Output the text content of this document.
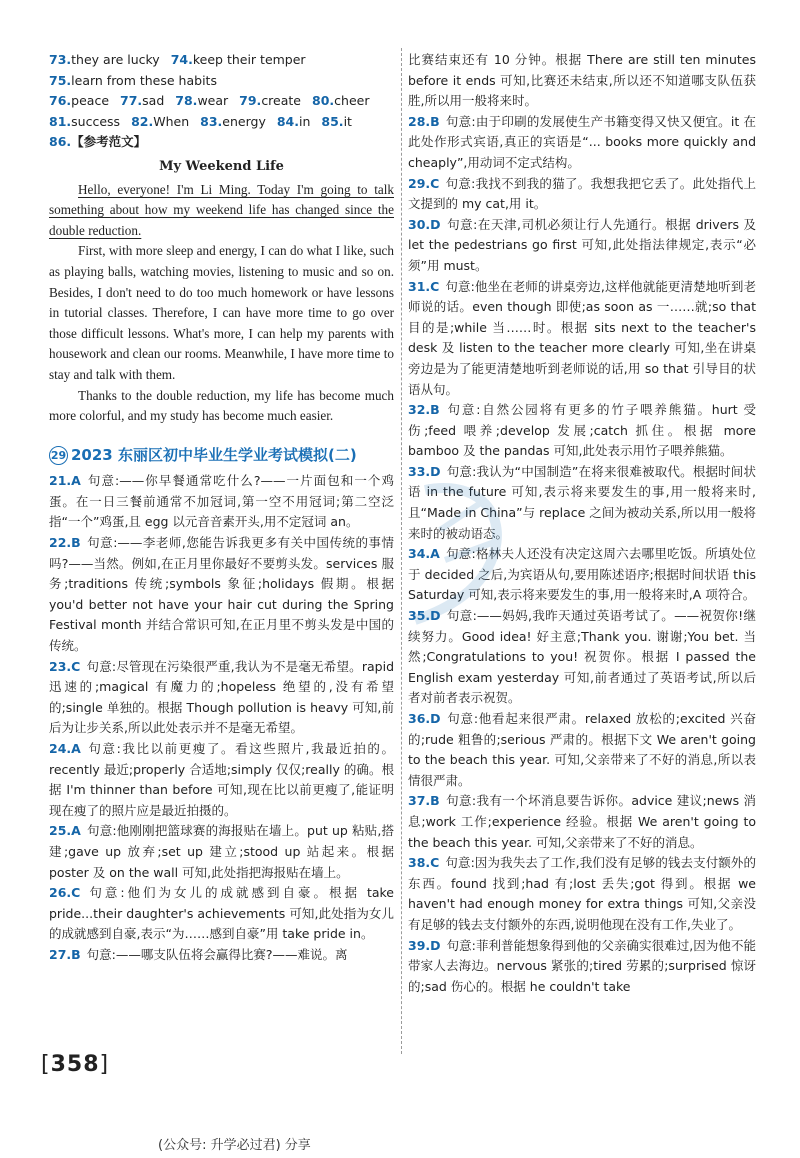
73.they are lucky 74.keep their temper
75.learn from these habits
76.peace 77.sad 78.wear 79.create 80.cheer
81.success 82.When 83.energy 84.in 85.it
86.【参考范文】
My Weekend Life

Hello, everyone! I'm Li Ming. Today I'm going to talk something about how my weekend life has changed since the double reduction.

First, with more sleep and energy, I can do what I like, such as playing balls, watching movies, listening to music and so on. Besides, I don't need to do too much homework or have lessons in tutorial classes. Therefore, I can have more time to go over those difficult lessons. What's more, I can help my parents with housework and clean our rooms. Meanwhile, I have more time to stay and talk with them.

Thanks to the double reduction, my life has become much more colorful, and my study has become much easier.

29 2023 东丽区初中毕业生学业考试模拟(二)

21.A 句意:——你早餐通常吃什么?——一片面包和一个鸡蛋。在一日三餐前通常不加冠词,第一空不用冠词;第二空泛指“一个”鸡蛋,且 egg 以元音音素开头,用不定冠词 an。

22.B 句意:——李老师,您能告诉我更多有关中国传统的事情吗?——当然。例如,在正月里你最好不要剪头发。services 服务;traditions 传统;symbols 象征;holidays 假期。根据 you'd better not have your hair cut during the Spring Festival month 并结合常识可知,在正月里不剪头发是中国的传统。

23.C 句意:尽管现在污染很严重,我认为不是毫无希望。rapid 迅速的;magical 有魔力的;hopeless 绝望的,没有希望的;single 单独的。根据 Though pollution is heavy 可知,前后为让步关系,所以此处表示并不是毫无希望。

24.A 句意:我比以前更瘦了。看这些照片,我最近拍的。recently 最近;properly 合适地;simply 仅仅;really 的确。根据 I'm thinner than before 可知,现在比以前更瘦了,能证明现在瘦了的照片应是最近拍摄的。

25.A 句意:他刚刚把篮球赛的海报贴在墙上。put up 粘贴,搭建;gave up 放弃;set up 建立;stood up 站起来。根据 poster 及 on the wall 可知,此处指把海报贴在墙上。

26.C 句意:他们为女儿的成就感到自豪。根据 take pride...their daughter's achievements 可知,此处指为女儿的成就感到自豪,表示“为……感到自豪”用 take pride in。

27.B 句意:——哪支队伍将会赢得比赛?——难说。离

比赛结束还有 10 分钟。根据 There are still ten minutes before it ends 可知,比赛还未结束,所以还不知道哪支队伍获胜,所以用一般将来时。

28.B 句意:由于印刷的发展使生产书籍变得又快又便宜。it 在此处作形式宾语,真正的宾语是“... books more quickly and cheaply”,用动词不定式结构。

29.C 句意:我找不到我的猫了。我想我把它丢了。此处指代上文提到的 my cat,用 it。

30.D 句意:在天津,司机必须让行人先通行。根据 drivers 及 let the pedestrians go first 可知,此处指法律规定,表示“必须”用 must。

31.C 句意:他坐在老师的讲桌旁边,这样他就能更清楚地听到老师说的话。even though 即使;as soon as 一……就;so that 目的是;while 当……时。根据 sits next to the teacher's desk 及 listen to the teacher more clearly 可知,坐在讲桌旁边是为了能更清楚地听到老师说的话,用 so that 引导目的状语从句。

32.B 句意:自然公园将有更多的竹子喂养熊猫。hurt 受伤;feed 喂养;develop 发展;catch 抓住。根据 more bamboo 及 the pandas 可知,此处表示用竹子喂养熊猫。

33.D 句意:我认为“中国制造”在将来很难被取代。根据时间状语 in the future 可知,表示将来要发生的事,用一般将来时,且“Made in China”与 replace 之间为被动关系,所以用一般将来时的被动语态。

34.A 句意:格林夫人还没有决定这周六去哪里吃饭。所填处位于 decided 之后,为宾语从句,要用陈述语序;根据时间状语 this Saturday 可知,表示将来要发生的事,用一般将来时,A 项符合。

35.D 句意:——妈妈,我昨天通过英语考试了。——祝贺你!继续努力。Good idea! 好主意;Thank you. 谢谢;You bet. 当然;Congratulations to you! 祝贺你。根据 I passed the English exam yesterday 可知,前者通过了英语考试,所以后者对前者表示祝贺。

36.D 句意:他看起来很严肃。relaxed 放松的;excited 兴奋的;rude 粗鲁的;serious 严肃的。根据下文 We aren't going to the beach this year. 可知,父亲带来了不好的消息,所以表情很严肃。

37.B 句意:我有一个坏消息要告诉你。advice 建议;news 消息;work 工作;experience 经验。根据 We aren't going to the beach this year. 可知,父亲带来了不好的消息。

38.C 句意:因为我失去了工作,我们没有足够的钱去支付额外的东西。found 找到;had 有;lost 丢失;got 得到。根据 we haven't had enough money for extra things 可知,父亲没有足够的钱去支付额外的东西,说明他现在没有工作,失业了。

39.D 句意:菲利普能想象得到他的父亲确实很难过,因为他不能带家人去海边。nervous 紧张的;tired 劳累的;surprised 惊讶的;sad 伤心的。根据 he couldn't take

[358]
(公众号: 升学必过君) 分享
